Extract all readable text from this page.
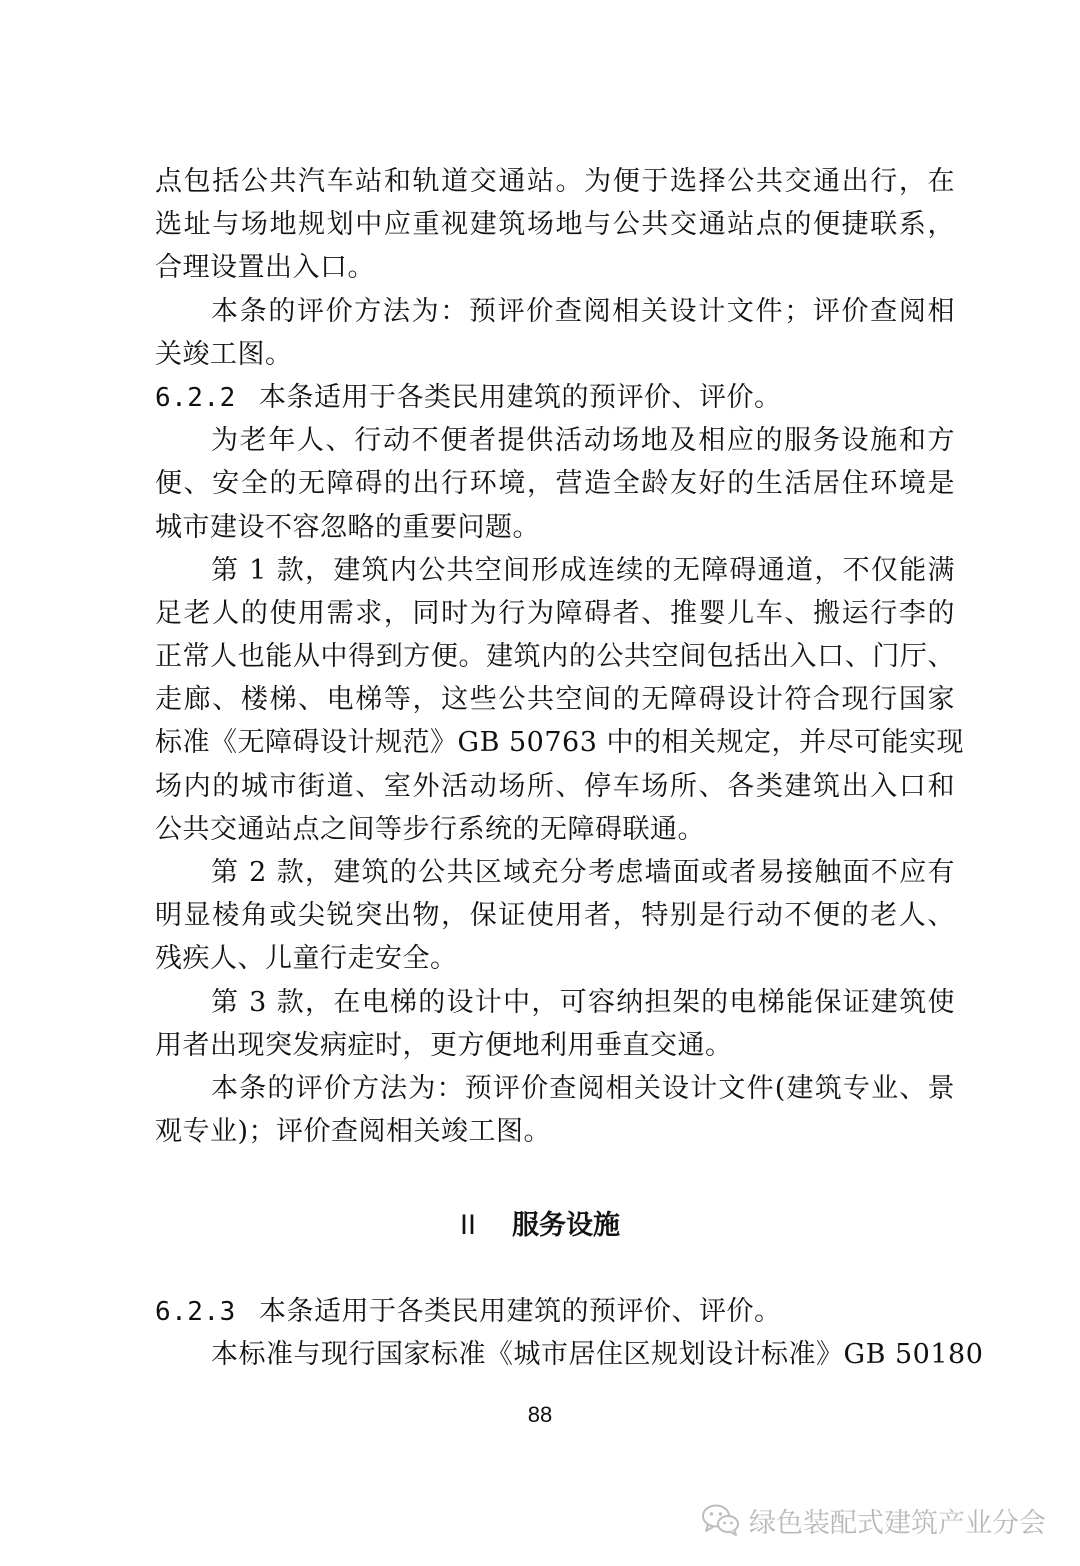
点包括公共汽车站和轨道交通站。为便于选择公共交通出行，在
选址与场地规划中应重视建筑场地与公共交通站点的便捷联系，
合理设置出入口。
本条的评价方法为：预评价查阅相关设计文件；评价查阅相
关竣工图。
6.2.2 本条适用于各类民用建筑的预评价、评价。
为老年人、行动不便者提供活动场地及相应的服务设施和方
便、安全的无障碍的出行环境，营造全龄友好的生活居住环境是
城市建设不容忽略的重要问题。
第 1 款，建筑内公共空间形成连续的无障碍通道，不仅能满
足老人的使用需求，同时为行为障碍者、推婴儿车、搬运行李的
正常人也能从中得到方便。建筑内的公共空间包括出入口、门厅、
走廊、楼梯、电梯等，这些公共空间的无障碍设计符合现行国家
标准《无障碍设计规范》GB 50763 中的相关规定，并尽可能实现
场内的城市街道、室外活动场所、停车场所、各类建筑出入口和
公共交通站点之间等步行系统的无障碍联通。
第 2 款，建筑的公共区域充分考虑墙面或者易接触面不应有
明显棱角或尖锐突出物，保证使用者，特别是行动不便的老人、
残疾人、儿童行走安全。
第 3 款，在电梯的设计中，可容纳担架的电梯能保证建筑使
用者出现突发病症时，更方便地利用垂直交通。
本条的评价方法为：预评价查阅相关设计文件(建筑专业、景
观专业)；评价查阅相关竣工图。
II 服务设施
6.2.3 本条适用于各类民用建筑的预评价、评价。
本标准与现行国家标准《城市居住区规划设计标准》GB 50180
88
绿色装配式建筑产业分会
